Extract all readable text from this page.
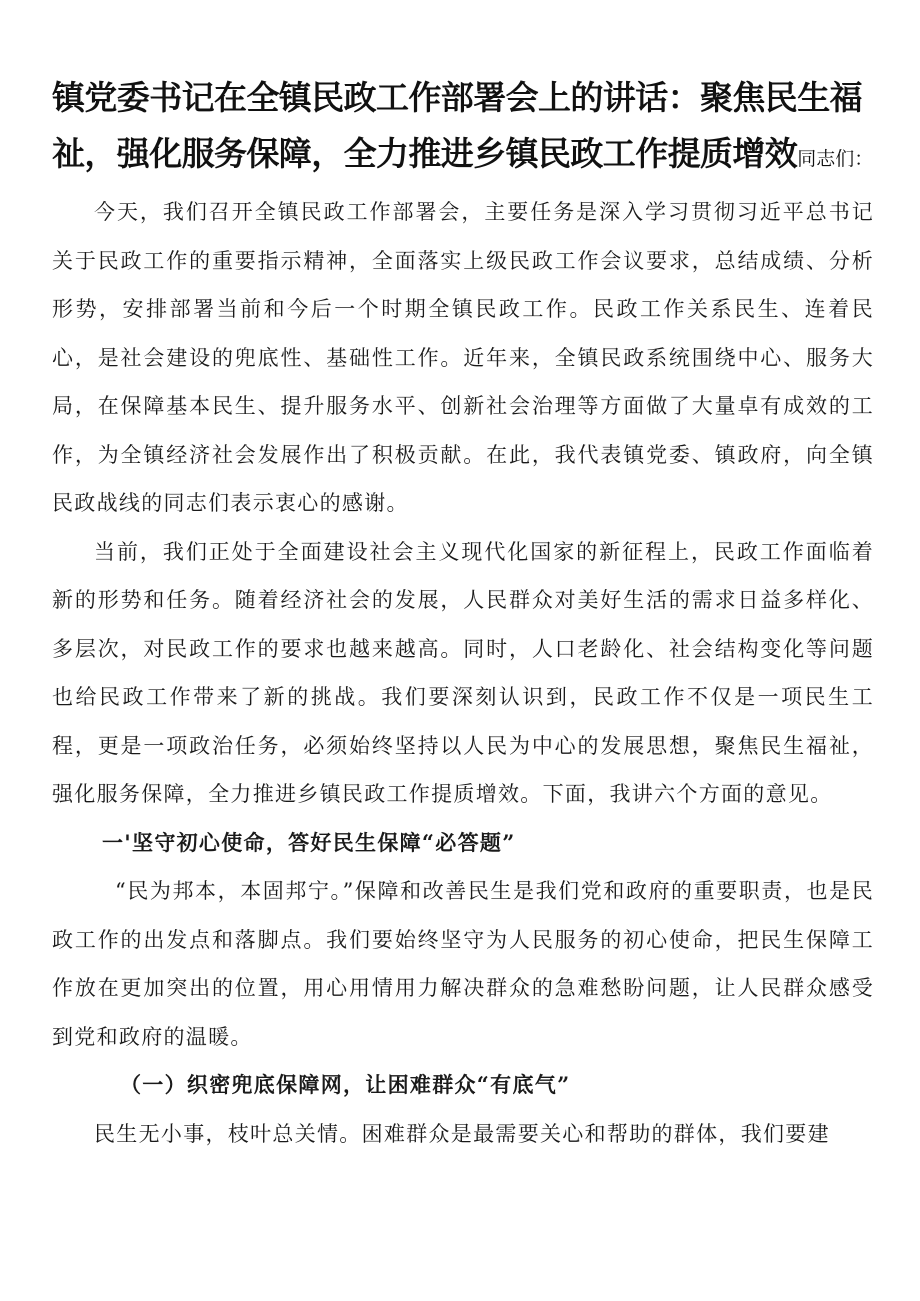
镇党委书记在全镇民政工作部署会上的讲话：聚焦民生福祉，强化服务保障，全力推进乡镇民政工作提质增效同志们：

今天，我们召开全镇民政工作部署会，主要任务是深入学习贯彻习近平总书记关于民政工作的重要指示精神，全面落实上级民政工作会议要求，总结成绩、分析形势，安排部署当前和今后一个时期全镇民政工作。民政工作关系民生、连着民心，是社会建设的兜底性、基础性工作。近年来，全镇民政系统围绕中心、服务大局，在保障基本民生、提升服务水平、创新社会治理等方面做了大量卓有成效的工作，为全镇经济社会发展作出了积极贡献。在此，我代表镇党委、镇政府，向全镇民政战线的同志们表示衷心的感谢。

当前，我们正处于全面建设社会主义现代化国家的新征程上，民政工作面临着新的形势和任务。随着经济社会的发展，人民群众对美好生活的需求日益多样化、多层次，对民政工作的要求也越来越高。同时，人口老龄化、社会结构变化等问题也给民政工作带来了新的挑战。我们要深刻认识到，民政工作不仅是一项民生工程，更是一项政治任务，必须始终坚持以人民为中心的发展思想，聚焦民生福祉，强化服务保障，全力推进乡镇民政工作提质增效。下面，我讲六个方面的意见。

一'坚守初心使命，答好民生保障“必答题”

“民为邦本，本固邦宁。”保障和改善民生是我们党和政府的重要职责，也是民政工作的出发点和落脚点。我们要始终坚守为人民服务的初心使命，把民生保障工作放在更加突出的位置，用心用情用力解决群众的急难愁盼问题，让人民群众感受到党和政府的温暖。

（一）织密兜底保障网，让困难群众“有底气”

民生无小事，枝叶总关情。困难群众是最需要关心和帮助的群体，我们要建
